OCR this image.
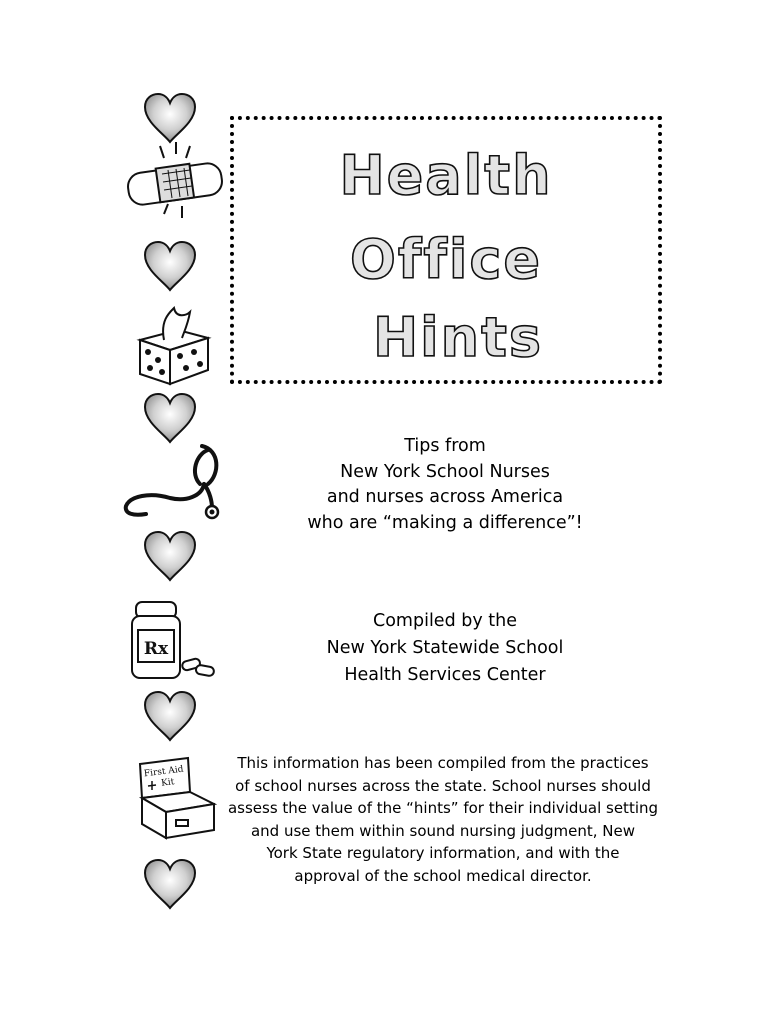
Rx
First Aid
Kit
Health
Office
Hints
Tips from
New York School Nurses
and nurses across America
who are “making a difference”!
Compiled by the
New York Statewide School
Health Services Center
This information has been compiled from the practices
of school nurses across the state. School nurses should
assess the value of the “hints” for their individual setting
and use them within sound nursing judgment, New
York State regulatory information, and with the
approval of the school medical director.
